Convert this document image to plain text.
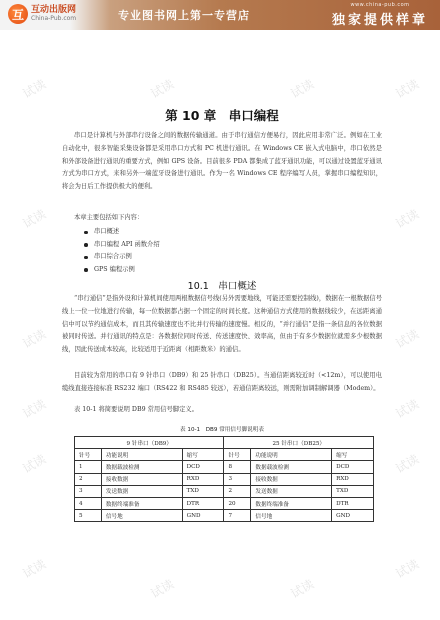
互 互动出版网
China-Pub.com	专业图书网上第一专营店
www.china-pub.com
独家提供样章
试读	试读	试读	试读
试读	试读
试读	试读
试读	试读
试读
试读	试读
试读
试读
试读
第 10 章　串口编程

串口是计算机与外部串行设备之间的数据传输通道。由于串行通信方便易行，因此应用非常广泛。例如在工业自动化中，很多智能采集设备都是采用串口方式和 PC 机进行通讯。在 Windows CE 嵌入式电脑中，串口依然是和外部设备进行通讯的重要方式，例如 GPS 设备。目前很多 PDA 都集成了蓝牙通讯功能，可以通过设置蓝牙通讯方式为串口方式，来和另外一端蓝牙设备进行通讯。作为一名 Windows CE 程序编写人员，掌握串口编程知识，将会为日后工作提供极大的便利。

本章主要包括如下内容：
串口概述
串口编程 API 函数介绍
串口综合示例
GPS 编程示例
10.1　串口概述

“串行通信”是指外设和计算机间使用两根数据信号线(另外需要地线，可能还需要控制线)，数据在一根数据信号线上一位一位地进行传输，每一位数据都占据一个固定的时间长度。这种通信方式使用的数据线较少，在远距离通信中可以节约通信成本，而且其传输速度也不比并行传输的速度慢。相反的，“并行通信”是指一条信息的各位数据被同时传送。并行通讯的特点是：各数据位同时传送、传送速度快、效率高，但由于有多少数据位就需多少根数据线，因此传送成本较高，比较适用于近距离（相距数米）的通信。

目前较为常用的串口有 9 针串口（DB9）和 25 针串口（DB25）。当通信距离较近时（<12m），可以使用电缆线直接连接标准 RS232 端口（RS422 和 RS485 较远），若通信距离较远，则需附加调制解调器（Modem）。

表 10-1 将简要说明 DB9 常用信号脚定义。

表 10-1　DB9 常用信号脚说明表
9 针串口（DB9）			25 针串口（DB25）		
针号	功能说明	缩写	针号	功能说明	缩写
1	数据载波检测	DCD	8	数据载波检测	DCD
2	接收数据	RXD	3	接收数据	RXD
3	发送数据	TXD	2	发送数据	TXD
4	数据终端准备	DTR	20	数据终端准备	DTR
5	信号地	GND	7	信号地	GND
